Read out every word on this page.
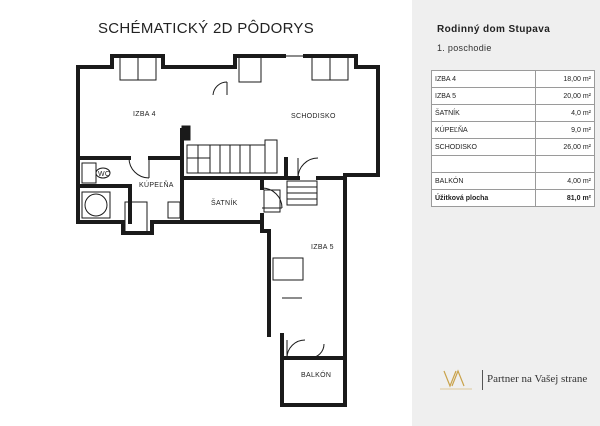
IZBA 4	SCHODISKO
WC
KÚPEĽŇA
ŠATNÍK
IZBA 5
BALKÓN
SCHÉMATICKÝ 2D PÔDORYS	Rodinný dom Stupava
1. poschodie
IZBA 4	18,00 m²
IZBA 5	20,00 m²
ŠATNÍK	4,0 m²
KÚPEĽŇA	9,0 m²
SCHODISKO	26,00 m²

BALKÓN	4,00 m²
Úžitková plocha	81,0 m²
Partner na Vašej strane
